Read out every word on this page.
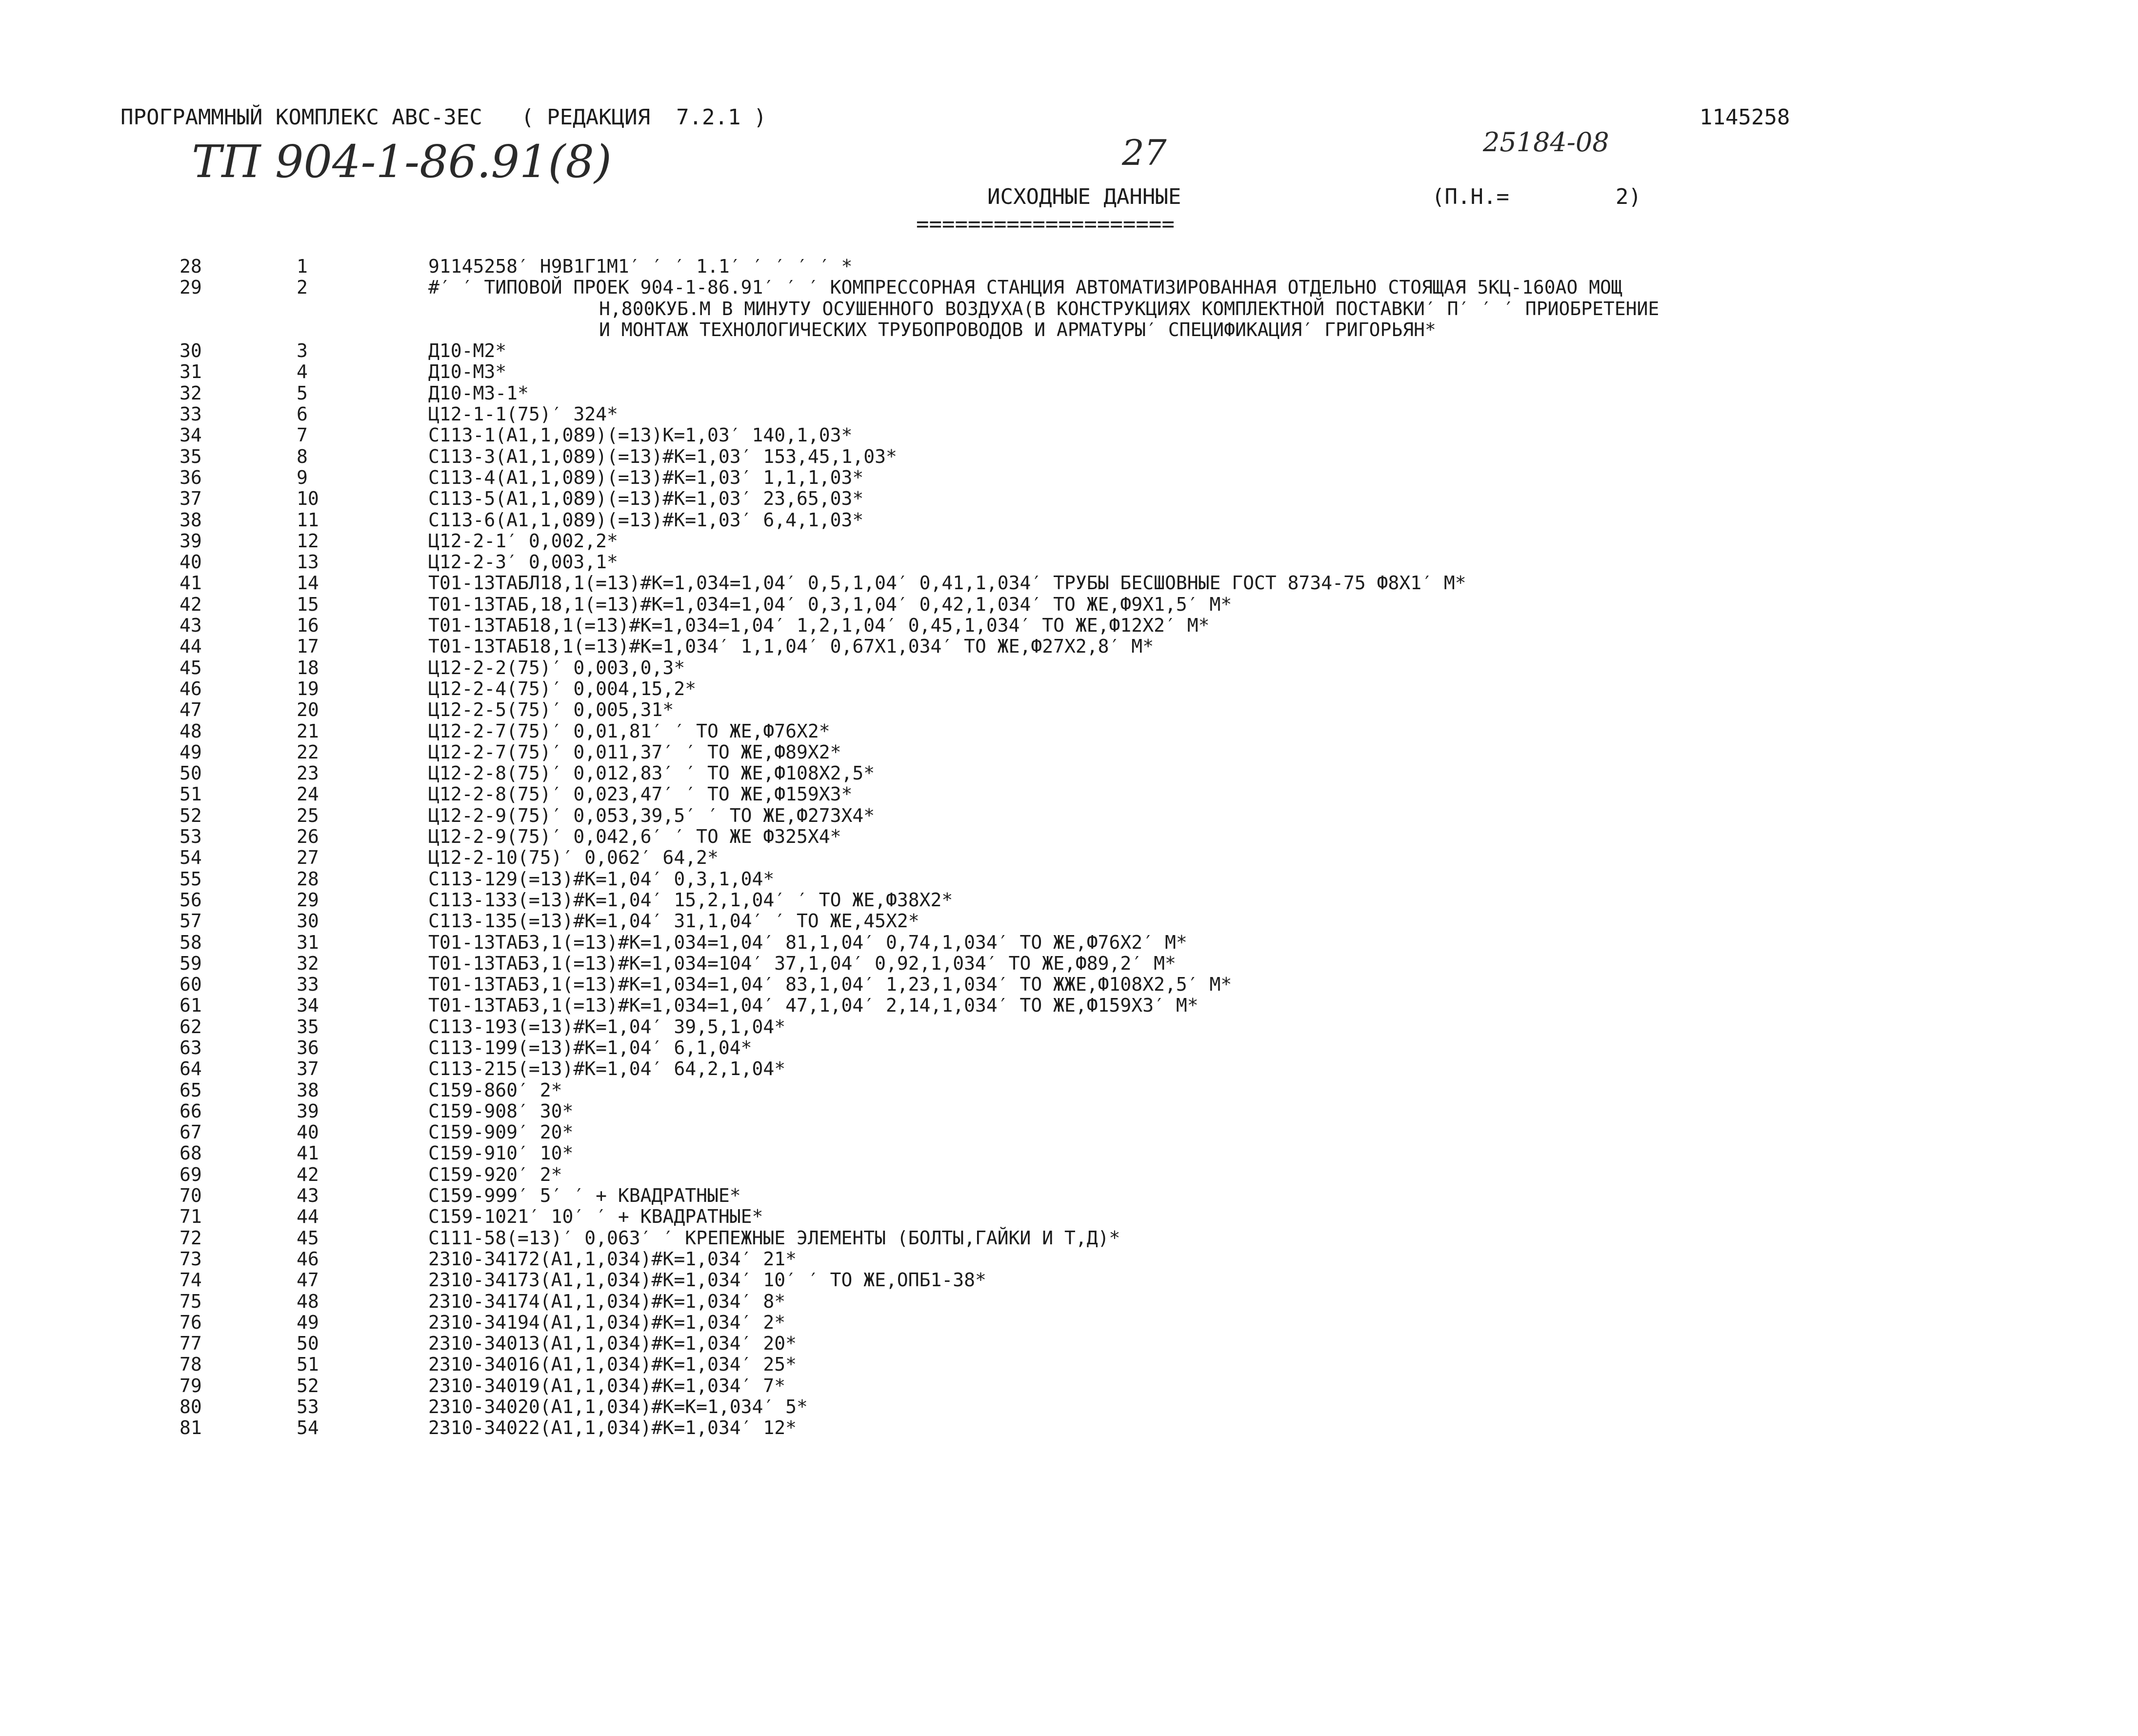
ПРОГРАММНЫЙ КОМПЛЕКС АВС-3ЕС   ( РЕДАКЦИЯ  7.2.1 )	1145258
ТП 904-1-86.91(8)	27	25184-08
ИСХОДНЫЕ ДАННЫЕ
====================
(П.Н.=	2)
28	1	91145258′ Н9В1Г1М1′ ′ ′ 1.1′ ′ ′ ′ ′ *
29	2	#′ ′ ТИПОВОЙ ПРОЕК 904-1-86.91′ ′ ′ КОМПРЕССОРНАЯ СТАНЦИЯ АВТОМАТИЗИРОВАННАЯ ОТДЕЛЬНО СТОЯЩАЯ 5КЦ-160АО МОЩ
Н,800КУБ.М В МИНУТУ ОСУШЕННОГО ВОЗДУХА(В КОНСТРУКЦИЯХ КОМПЛЕКТНОЙ ПОСТАВКИ′ П′ ′ ′ ПРИОБРЕТЕНИЕ
И МОНТАЖ ТЕХНОЛОГИЧЕСКИХ ТРУБОПРОВОДОВ И АРМАТУРЫ′ СПЕЦИФИКАЦИЯ′ ГРИГОРЬЯН*
30	3	Д10-М2*
31	4	Д10-М3*
32	5	Д10-М3-1*
33	6	Ц12-1-1(75)′ 324*
34	7	С113-1(А1,1,089)(=13)К=1,03′ 140,1,03*
35	8	С113-3(А1,1,089)(=13)#К=1,03′ 153,45,1,03*
36	9	С113-4(А1,1,089)(=13)#К=1,03′ 1,1,1,03*
37	10	С113-5(А1,1,089)(=13)#К=1,03′ 23,65,03*
38	11	С113-6(А1,1,089)(=13)#К=1,03′ 6,4,1,03*
39	12	Ц12-2-1′ 0,002,2*
40	13	Ц12-2-3′ 0,003,1*
41	14	Т01-13ТАБЛ18,1(=13)#К=1,034=1,04′ 0,5,1,04′ 0,41,1,034′ ТРУБЫ БЕСШОВНЫЕ ГОСТ 8734-75 Ф8Х1′ М*
42	15	Т01-13ТАБ,18,1(=13)#К=1,034=1,04′ 0,3,1,04′ 0,42,1,034′ ТО ЖЕ,Ф9Х1,5′ М*
43	16	Т01-13ТАБ18,1(=13)#К=1,034=1,04′ 1,2,1,04′ 0,45,1,034′ ТО ЖЕ,Ф12Х2′ М*
44	17	Т01-13ТАБ18,1(=13)#К=1,034′ 1,1,04′ 0,67Х1,034′ ТО ЖЕ,Ф27Х2,8′ М*
45	18	Ц12-2-2(75)′ 0,003,0,3*
46	19	Ц12-2-4(75)′ 0,004,15,2*
47	20	Ц12-2-5(75)′ 0,005,31*
48	21	Ц12-2-7(75)′ 0,01,81′ ′ ТО ЖЕ,Ф76Х2*
49	22	Ц12-2-7(75)′ 0,011,37′ ′ ТО ЖЕ,Ф89Х2*
50	23	Ц12-2-8(75)′ 0,012,83′ ′ ТО ЖЕ,Ф108Х2,5*
51	24	Ц12-2-8(75)′ 0,023,47′ ′ ТО ЖЕ,Ф159Х3*
52	25	Ц12-2-9(75)′ 0,053,39,5′ ′ ТО ЖЕ,Ф273Х4*
53	26	Ц12-2-9(75)′ 0,042,6′ ′ ТО ЖЕ Ф325Х4*
54	27	Ц12-2-10(75)′ 0,062′ 64,2*
55	28	С113-129(=13)#К=1,04′ 0,3,1,04*
56	29	С113-133(=13)#К=1,04′ 15,2,1,04′ ′ ТО ЖЕ,Ф38Х2*
57	30	С113-135(=13)#К=1,04′ 31,1,04′ ′ ТО ЖЕ,45Х2*
58	31	Т01-13ТАБ3,1(=13)#К=1,034=1,04′ 81,1,04′ 0,74,1,034′ ТО ЖЕ,Ф76Х2′ М*
59	32	Т01-13ТАБ3,1(=13)#К=1,034=104′ 37,1,04′ 0,92,1,034′ ТО ЖЕ,Ф89,2′ М*
60	33	Т01-13ТАБ3,1(=13)#К=1,034=1,04′ 83,1,04′ 1,23,1,034′ ТО ЖЖЕ,Ф108Х2,5′ М*
61	34	Т01-13ТАБ3,1(=13)#К=1,034=1,04′ 47,1,04′ 2,14,1,034′ ТО ЖЕ,Ф159Х3′ М*
62	35	С113-193(=13)#К=1,04′ 39,5,1,04*
63	36	С113-199(=13)#К=1,04′ 6,1,04*
64	37	С113-215(=13)#К=1,04′ 64,2,1,04*
65	38	С159-860′ 2*
66	39	С159-908′ 30*
67	40	С159-909′ 20*
68	41	С159-910′ 10*
69	42	С159-920′ 2*
70	43	С159-999′ 5′ ′ + КВАДРАТНЫЕ*
71	44	С159-1021′ 10′ ′ + КВАДРАТНЫЕ*
72	45	С111-58(=13)′ 0,063′ ′ КРЕПЕЖНЫЕ ЭЛЕМЕНТЫ (БОЛТЫ,ГАЙКИ И Т,Д)*
73	46	2310-34172(А1,1,034)#К=1,034′ 21*
74	47	2310-34173(А1,1,034)#К=1,034′ 10′ ′ ТО ЖЕ,ОПБ1-38*
75	48	2310-34174(А1,1,034)#К=1,034′ 8*
76	49	2310-34194(А1,1,034)#К=1,034′ 2*
77	50	2310-34013(А1,1,034)#К=1,034′ 20*
78	51	2310-34016(А1,1,034)#К=1,034′ 25*
79	52	2310-34019(А1,1,034)#К=1,034′ 7*
80	53	2310-34020(А1,1,034)#К=К=1,034′ 5*
81	54	2310-34022(А1,1,034)#К=1,034′ 12*
